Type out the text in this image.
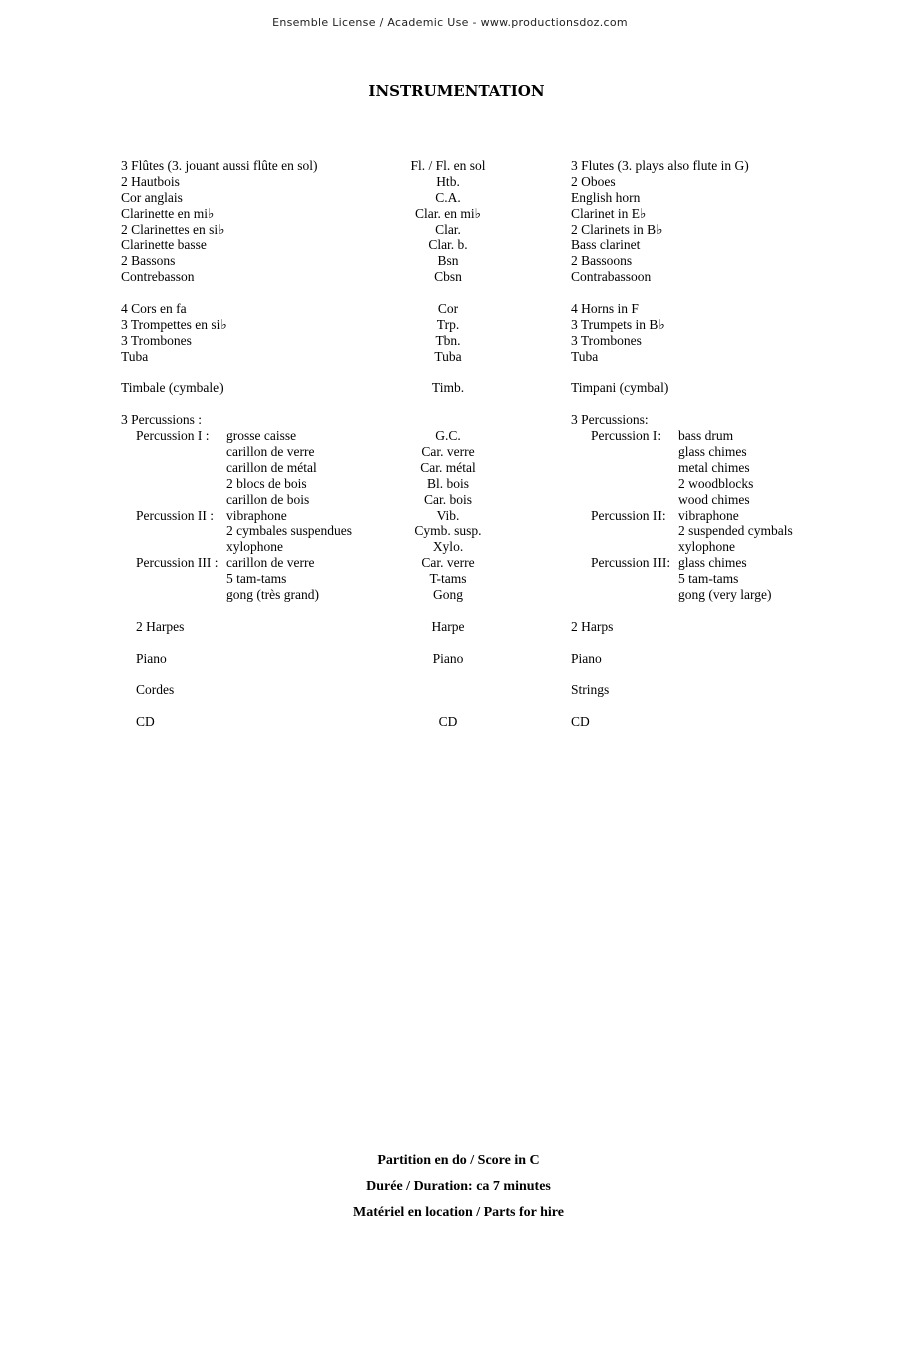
Ensemble License / Academic Use - www.productionsdoz.com
INSTRUMENTATION
3 Flûtes (3. jouant aussi flûte en sol)
2 Hautbois
Cor anglais
Clarinette en mi♭
2 Clarinettes en si♭
Clarinette basse
2 Bassons
Contrebasson
4 Cors en fa
3 Trompettes en si♭
3 Trombones
Tuba
Timbale (cymbale)
3 Percussions :
Percussion I : grosse caisse
carillon de verre
carillon de métal
2 blocs de bois
carillon de bois
Percussion II : vibraphone
2 cymbales suspendues
xylophone
Percussion III : carillon de verre
5 tam-tams
gong (très grand)
2 Harpes
Piano
Cordes
CD
Fl. / Fl. en sol
Htb.
C.A.
Clar. en mi♭
Clar.
Clar. b.
Bsn
Cbsn
Cor
Trp.
Tbn.
Tuba
Timb.
G.C.
Car. verre
Car. métal
Bl. bois
Car. bois
Vib.
Cymb. susp.
Xylo.
Car. verre
T-tams
Gong
Harpe
Piano
CD
3 Flutes (3. plays also flute in G)
2 Oboes
English horn
Clarinet in E♭
2 Clarinets in B♭
Bass clarinet
2 Bassoons
Contrabassoon
4 Horns in F
3 Trumpets in B♭
3 Trombones
Tuba
Timpani (cymbal)
3 Percussions:
Percussion I: bass drum
glass chimes
metal chimes
2 woodblocks
wood chimes
Percussion II: vibraphone
2 suspended cymbals
xylophone
Percussion III: glass chimes
5 tam-tams
gong (very large)
2 Harps
Piano
Strings
CD
Partition en do / Score in C
Durée / Duration: ca 7 minutes
Matériel en location / Parts for hire
